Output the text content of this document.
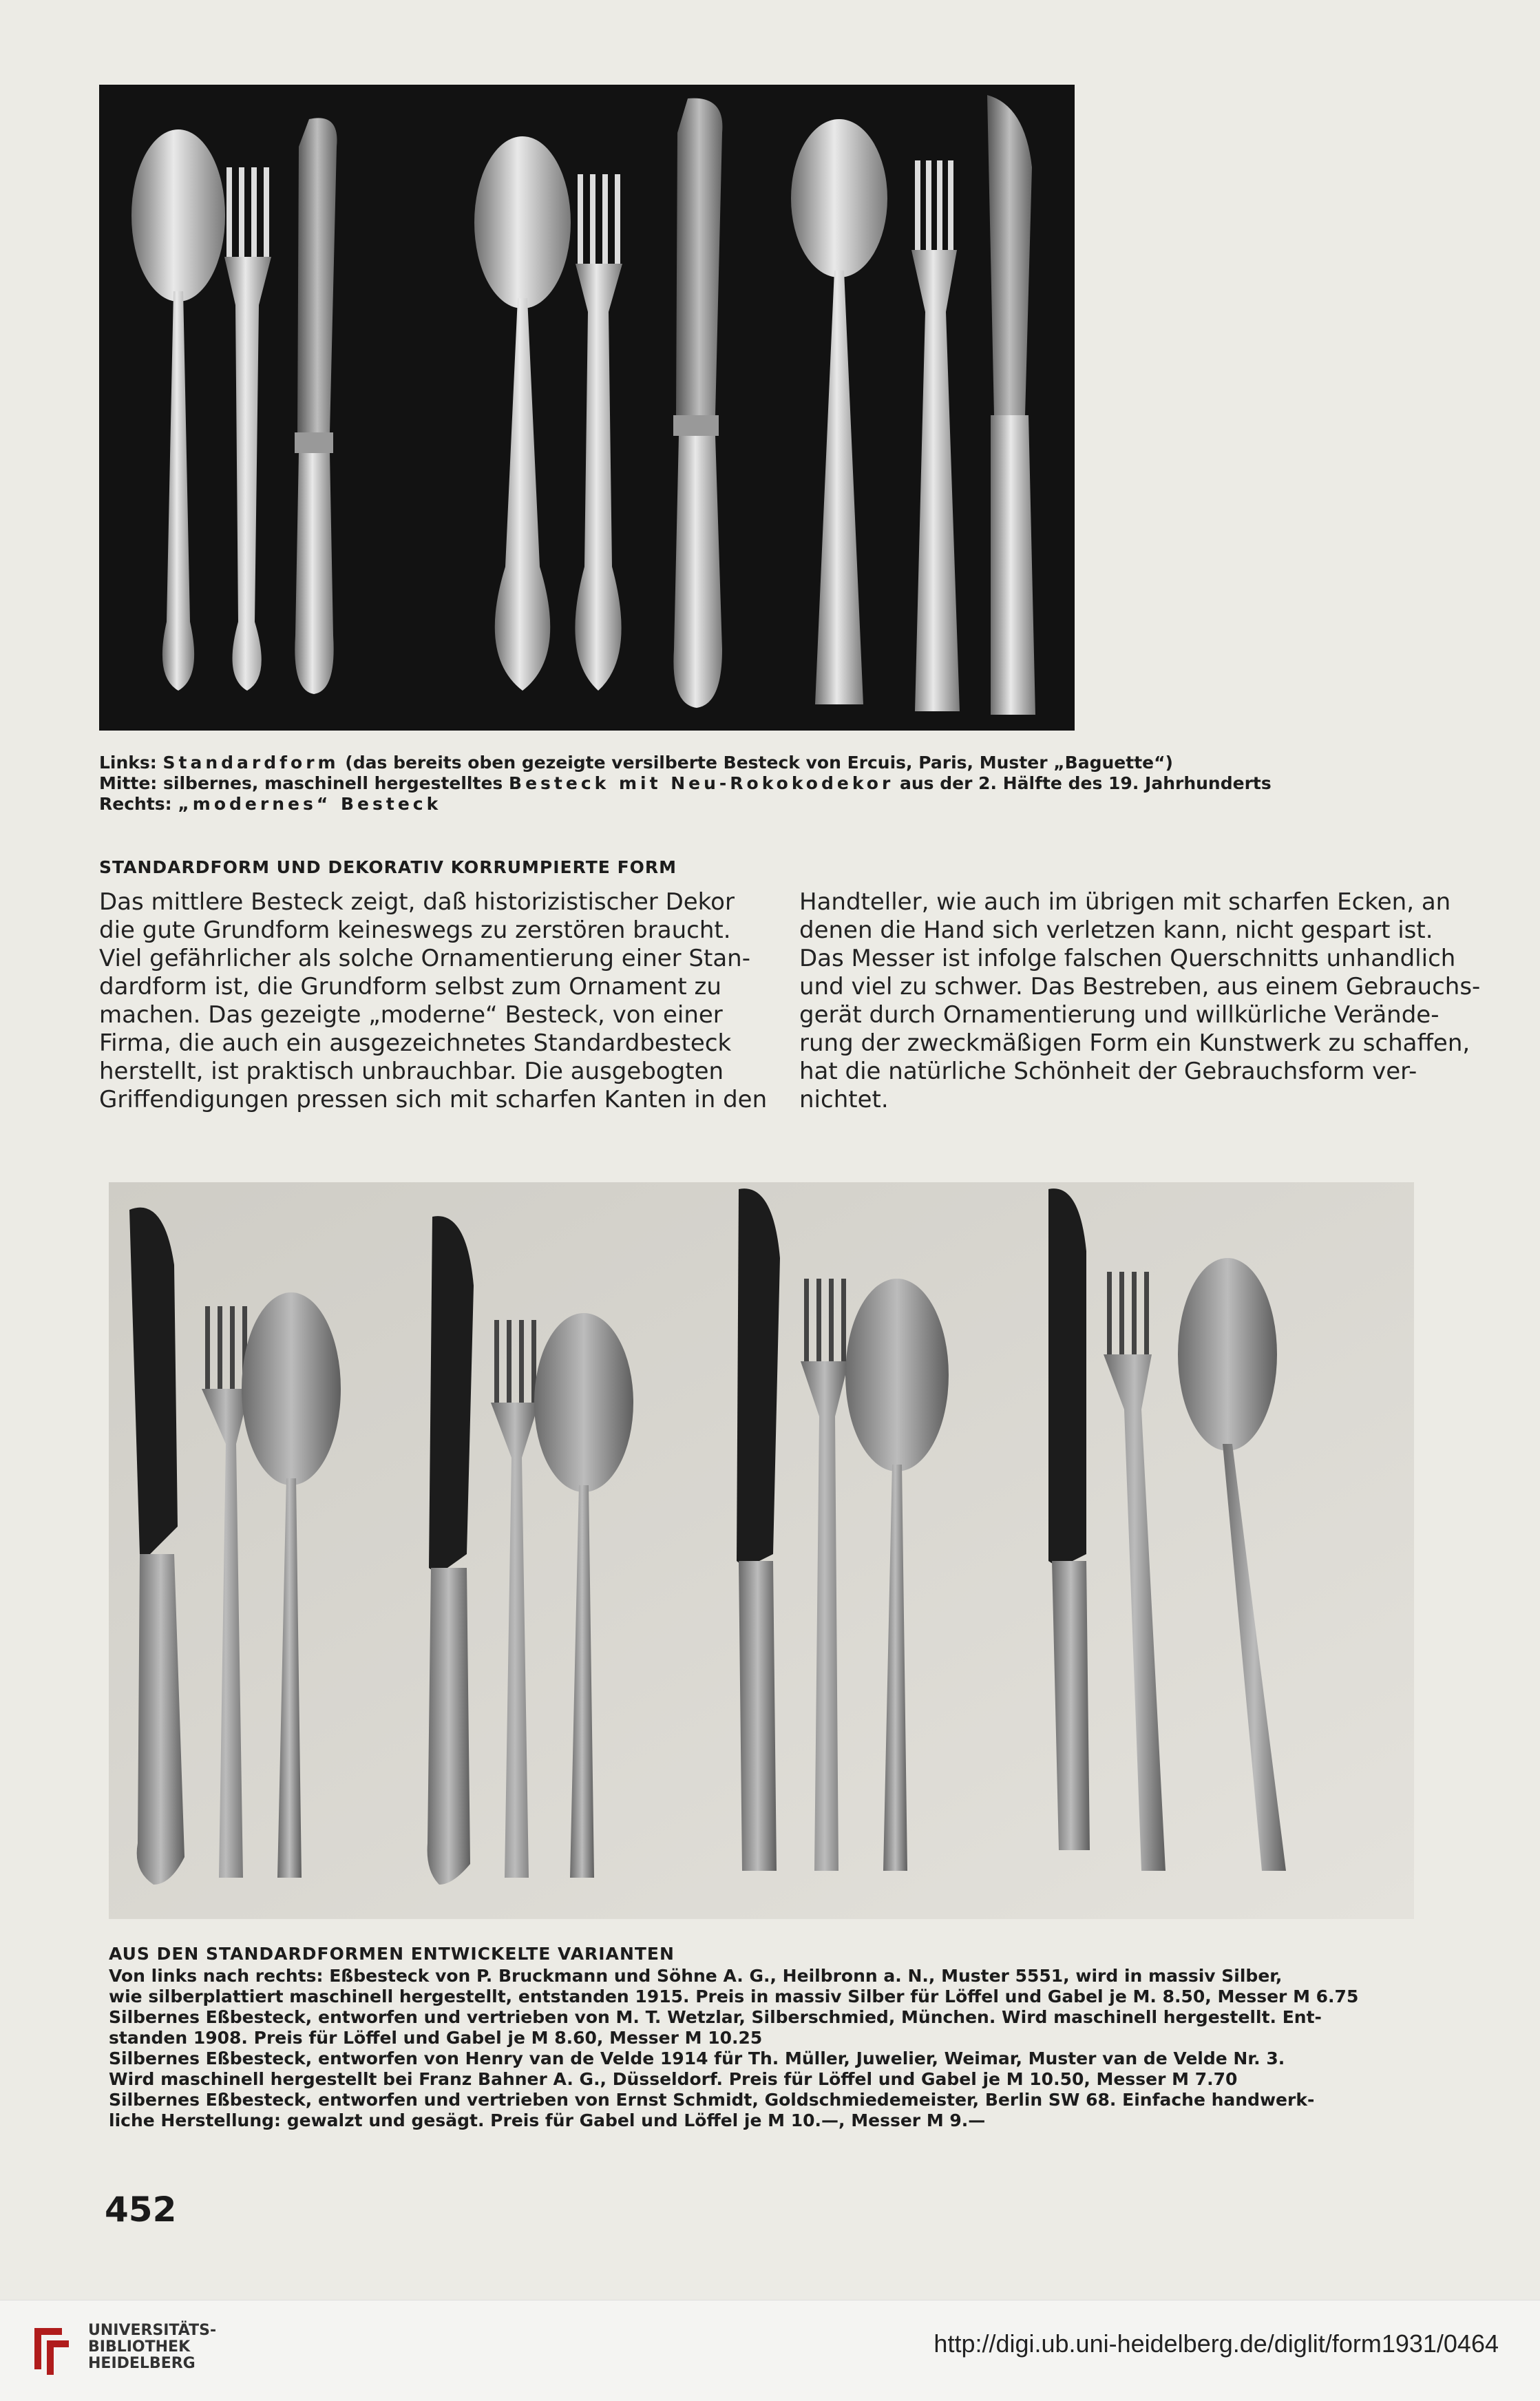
Links: Standardform (das bereits oben gezeigte versilberte Besteck von Ercuis, Paris, Muster „Baguette“)
Mitte: silbernes, maschinell hergestelltes Besteck mit Neu-Rokokodekor aus der 2. Hälfte des 19. Jahrhunderts
Rechts: „modernes“ Besteck
STANDARDFORM UND DEKORATIV KORRUMPIERTE FORM
Das mittlere Besteck zeigt, daß historizistischer Dekor
die gute Grundform keineswegs zu zerstören braucht.
Viel gefährlicher als solche Ornamentierung einer Stan-
dardform ist, die Grundform selbst zum Ornament zu
machen. Das gezeigte „moderne“ Besteck, von einer
Firma, die auch ein ausgezeichnetes Standardbesteck
herstellt, ist praktisch unbrauchbar. Die ausgebogten
Griffendigungen pressen sich mit scharfen Kanten in den
Handteller, wie auch im übrigen mit scharfen Ecken, an
denen die Hand sich verletzen kann, nicht gespart ist.
Das Messer ist infolge falschen Querschnitts unhandlich
und viel zu schwer. Das Bestreben, aus einem Gebrauchs-
gerät durch Ornamentierung und willkürliche Verände-
rung der zweckmäßigen Form ein Kunstwerk zu schaffen,
hat die natürliche Schönheit der Gebrauchsform ver-
nichtet.
AUS DEN STANDARDFORMEN ENTWICKELTE VARIANTEN
Von links nach rechts: Eßbesteck von P. Bruckmann und Söhne A. G., Heilbronn a. N., Muster 5551, wird in massiv Silber,
wie silberplattiert maschinell hergestellt, entstanden 1915. Preis in massiv Silber für Löffel und Gabel je M. 8.50, Messer M 6.75
Silbernes Eßbesteck, entworfen und vertrieben von M. T. Wetzlar, Silberschmied, München. Wird maschinell hergestellt. Ent-
standen 1908. Preis für Löffel und Gabel je M 8.60, Messer M 10.25
Silbernes Eßbesteck, entworfen von Henry van de Velde 1914 für Th. Müller, Juwelier, Weimar, Muster van de Velde Nr. 3.
Wird maschinell hergestellt bei Franz Bahner A. G., Düsseldorf. Preis für Löffel und Gabel je M 10.50, Messer M 7.70
Silbernes Eßbesteck, entworfen und vertrieben von Ernst Schmidt, Goldschmiedemeister, Berlin SW 68. Einfache handwerk-
liche Herstellung: gewalzt und gesägt. Preis für Gabel und Löffel je M 10.—, Messer M 9.—
452
UNIVERSITÄTS-
BIBLIOTHEK
HEIDELBERG
http://digi.ub.uni-heidelberg.de/diglit/form1931/0464
